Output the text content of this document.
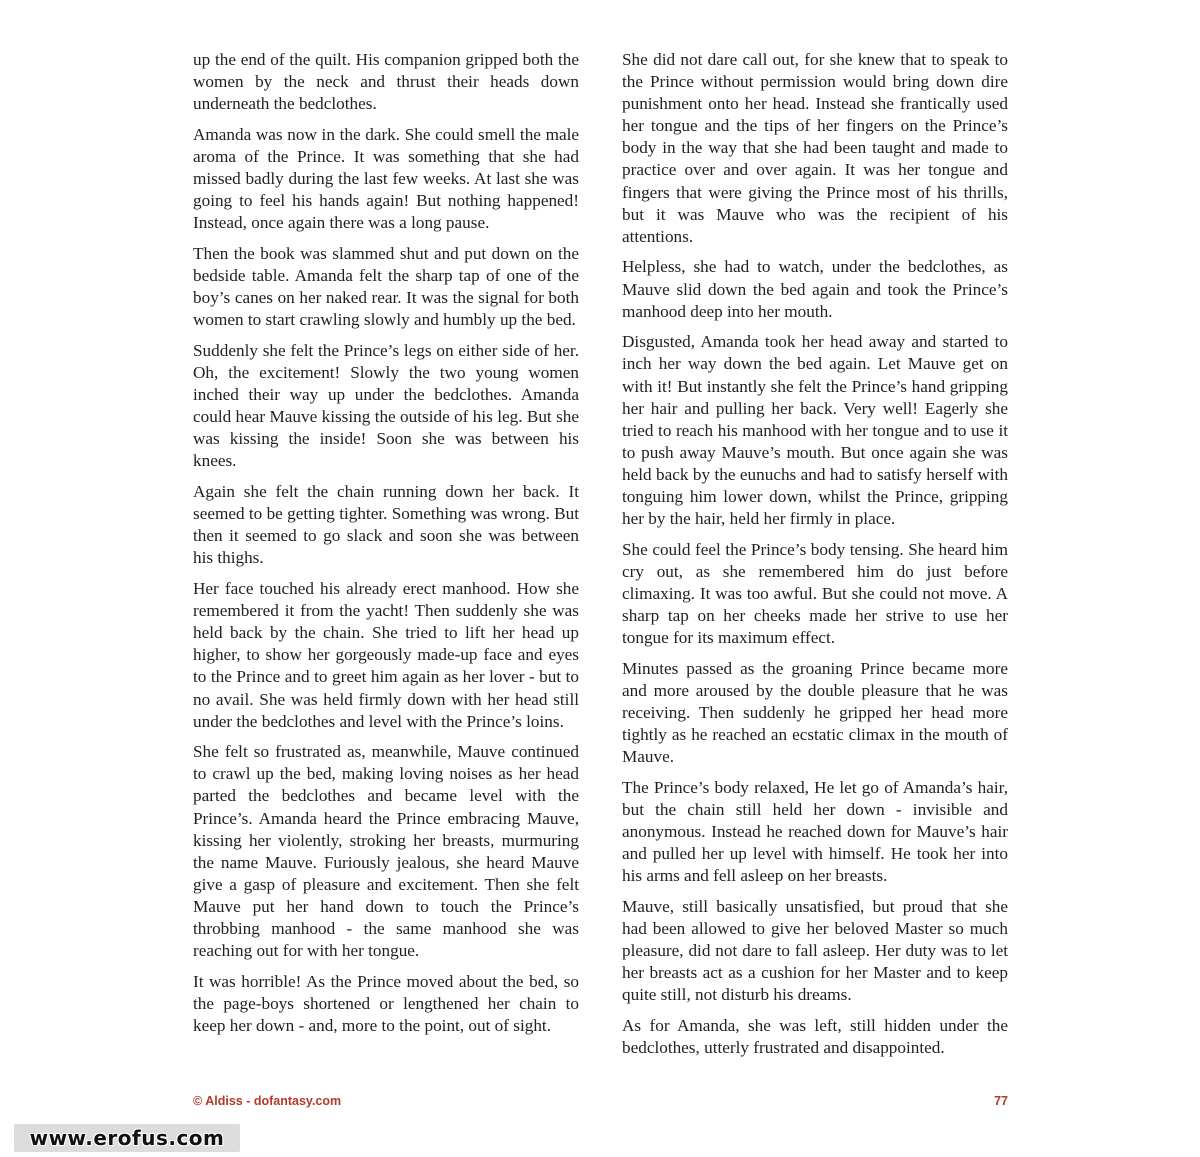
up the end of the quilt. His companion gripped both the women by the neck and thrust their heads down underneath the bedclothes.

Amanda was now in the dark. She could smell the male aroma of the Prince. It was something that she had missed badly during the last few weeks. At last she was going to feel his hands again! But nothing happened! Instead, once again there was a long pause.

Then the book was slammed shut and put down on the bedside table. Amanda felt the sharp tap of one of the boy’s canes on her naked rear. It was the signal for both women to start crawling slowly and humbly up the bed.

Suddenly she felt the Prince’s legs on either side of her. Oh, the excitement! Slowly the two young women inched their way up under the bedclothes. Amanda could hear Mauve kissing the outside of his leg. But she was kissing the inside! Soon she was between his knees.

Again she felt the chain running down her back. It seemed to be getting tighter. Something was wrong. But then it seemed to go slack and soon she was between his thighs.

Her face touched his already erect manhood. How she remembered it from the yacht! Then suddenly she was held back by the chain. She tried to lift her head up higher, to show her gorgeously made-up face and eyes to the Prince and to greet him again as her lover - but to no avail. She was held firmly down with her head still under the bedclothes and level with the Prince’s loins.

She felt so frustrated as, meanwhile, Mauve continued to crawl up the bed, making loving noises as her head parted the bedclothes and became level with the Prince’s. Amanda heard the Prince embracing Mauve, kissing her violently, stroking her breasts, murmuring the name Mauve. Furiously jealous, she heard Mauve give a gasp of pleasure and excitement. Then she felt Mauve put her hand down to touch the Prince’s throbbing manhood - the same manhood she was reaching out for with her tongue.

It was horrible! As the Prince moved about the bed, so the page-boys shortened or lengthened her chain to keep her down - and, more to the point, out of sight.

She did not dare call out, for she knew that to speak to the Prince without permission would bring down dire punishment onto her head. Instead she frantically used her tongue and the tips of her fingers on the Prince’s body in the way that she had been taught and made to practice over and over again. It was her tongue and fingers that were giving the Prince most of his thrills, but it was Mauve who was the recipient of his attentions.

Helpless, she had to watch, under the bedclothes, as Mauve slid down the bed again and took the Prince’s manhood deep into her mouth.

Disgusted, Amanda took her head away and started to inch her way down the bed again. Let Mauve get on with it! But instantly she felt the Prince’s hand gripping her hair and pulling her back. Very well! Eagerly she tried to reach his manhood with her tongue and to use it to push away Mauve’s mouth. But once again she was held back by the eunuchs and had to satisfy herself with tonguing him lower down, whilst the Prince, gripping her by the hair, held her firmly in place.

She could feel the Prince’s body tensing. She heard him cry out, as she remembered him do just before climaxing. It was too awful. But she could not move. A sharp tap on her cheeks made her strive to use her tongue for its maximum effect.

Minutes passed as the groaning Prince became more and more aroused by the double pleasure that he was receiving. Then suddenly he gripped her head more tightly as he reached an ecstatic climax in the mouth of Mauve.

The Prince’s body relaxed, He let go of Amanda’s hair, but the chain still held her down - invisible and anonymous. Instead he reached down for Mauve’s hair and pulled her up level with himself. He took her into his arms and fell asleep on her breasts.

Mauve, still basically unsatisfied, but proud that she had been allowed to give her beloved Master so much pleasure, did not dare to fall asleep. Her duty was to let her breasts act as a cushion for her Master and to keep quite still, not disturb his dreams.

As for Amanda, she was left, still hidden under the bedclothes, utterly frustrated and disappointed.

© Aldiss - dofantasy.com	77
www.erofus.com
